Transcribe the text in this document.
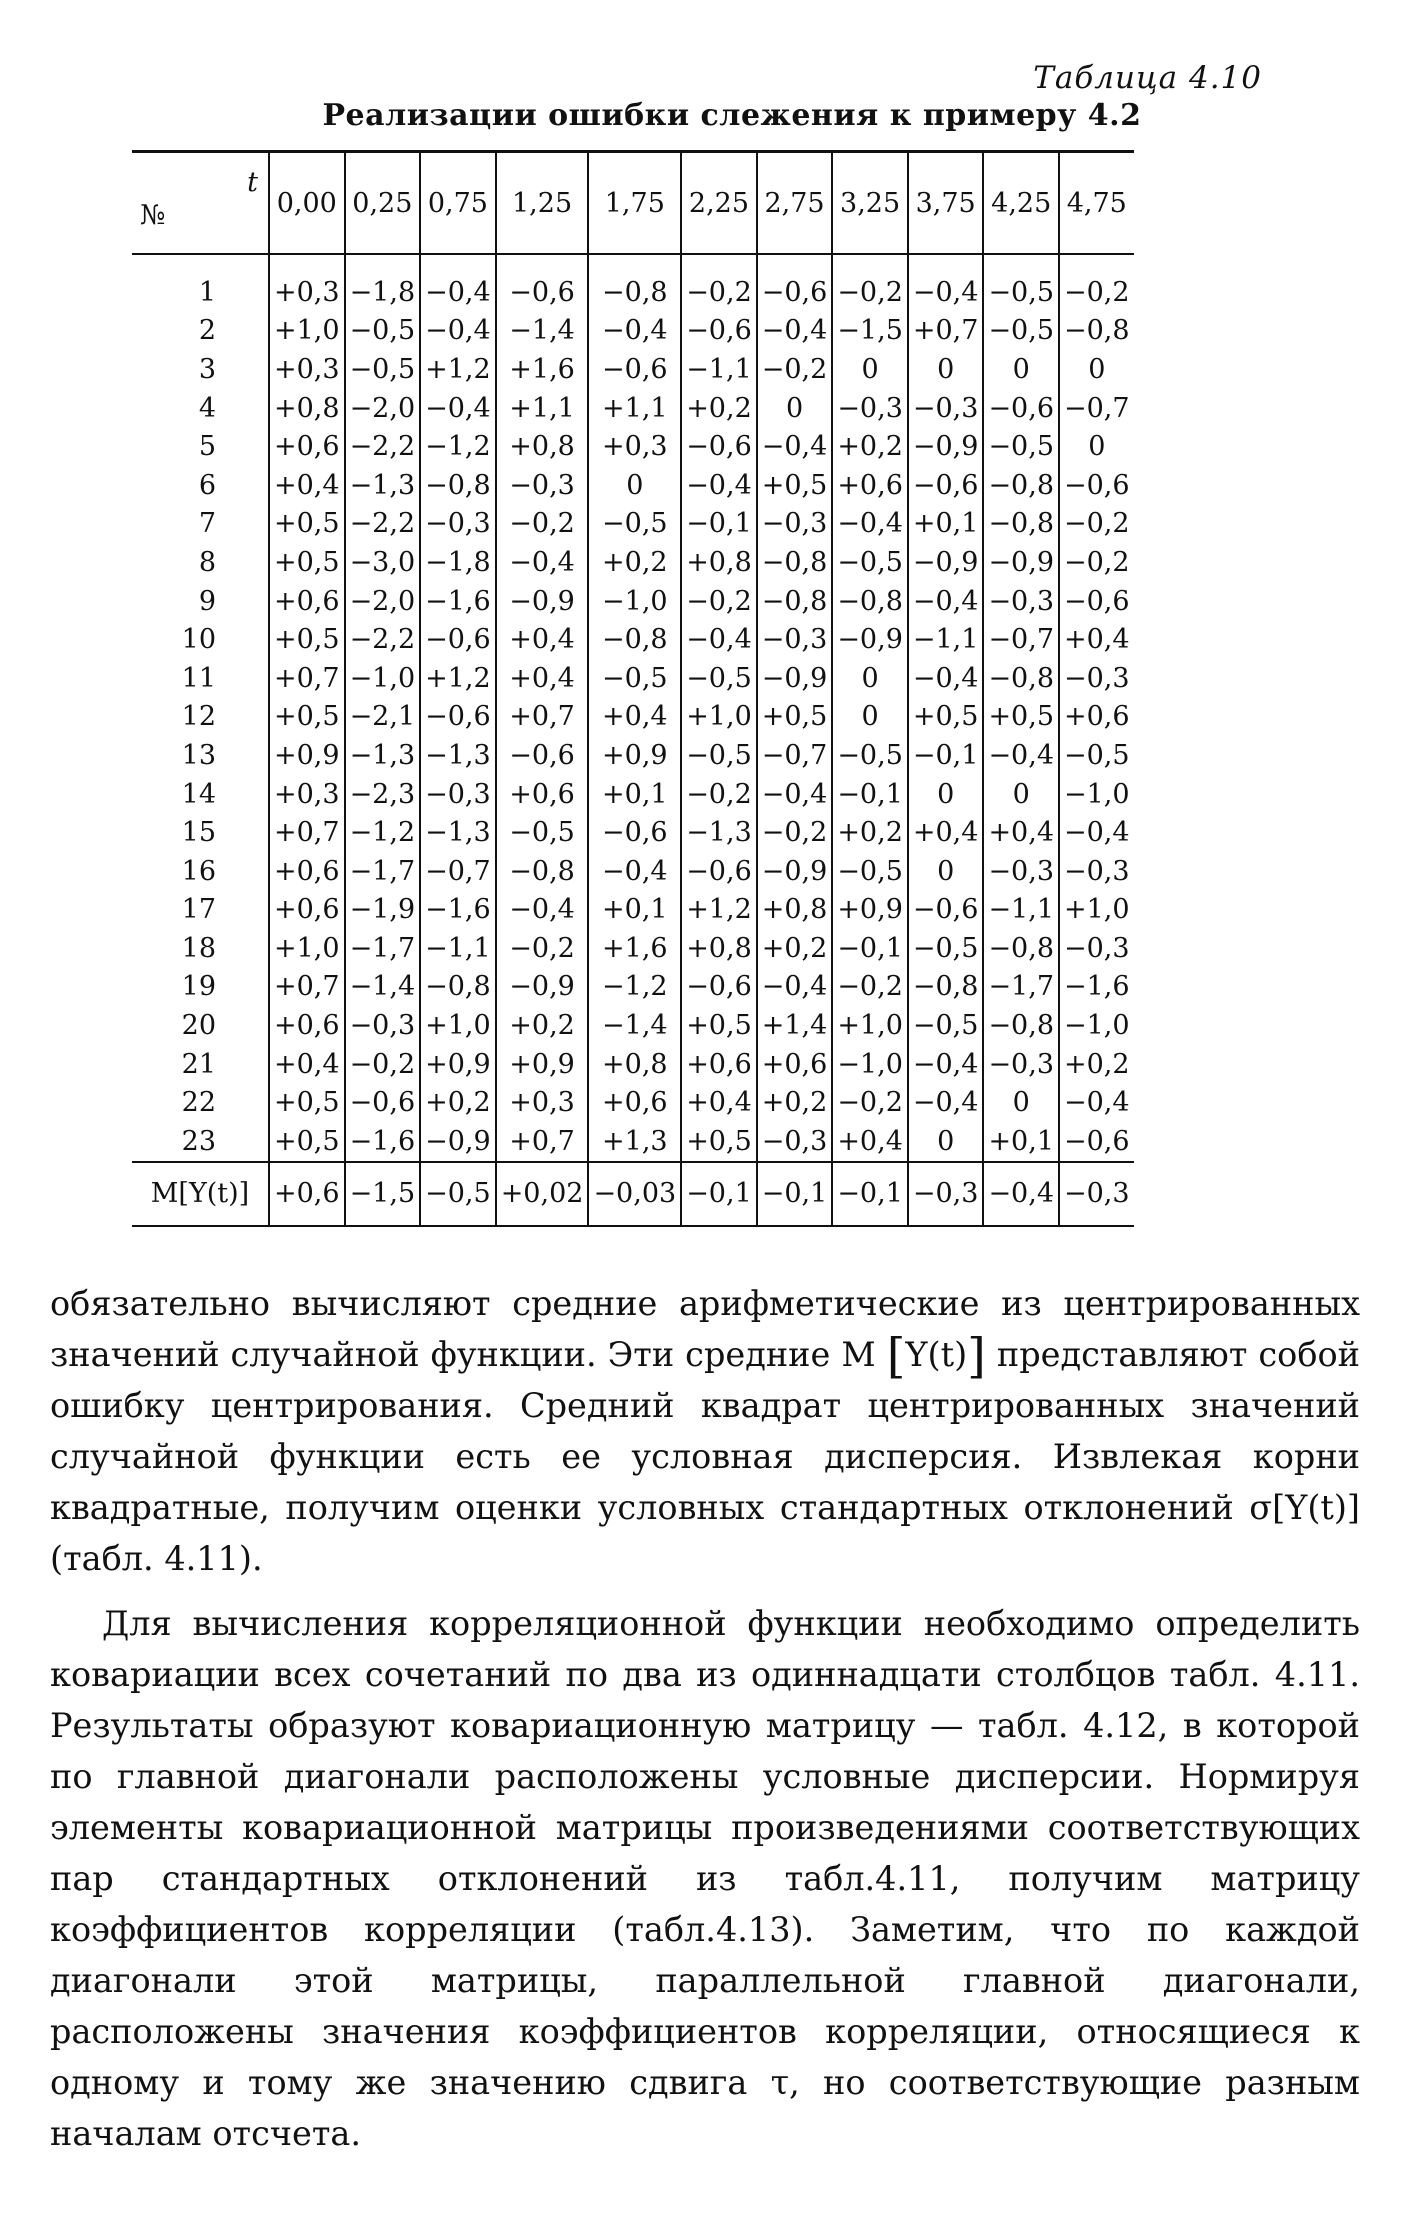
Таблица 4.10
Реализации ошибки слежения к примеру 4.2
t
№	0,00	0,25	0,75	1,25	1,75	2,25	2,75	3,25	3,75	4,25	4,75
1	+0,3	−1,8	−0,4	−0,6	−0,8	−0,2	−0,6	−0,2	−0,4	−0,5	−0,2
2	+1,0	−0,5	−0,4	−1,4	−0,4	−0,6	−0,4	−1,5	+0,7	−0,5	−0,8
3	+0,3	−0,5	+1,2	+1,6	−0,6	−1,1	−0,2	0	0	0	0
4	+0,8	−2,0	−0,4	+1,1	+1,1	+0,2	0	−0,3	−0,3	−0,6	−0,7
5	+0,6	−2,2	−1,2	+0,8	+0,3	−0,6	−0,4	+0,2	−0,9	−0,5	0
6	+0,4	−1,3	−0,8	−0,3	0	−0,4	+0,5	+0,6	−0,6	−0,8	−0,6
7	+0,5	−2,2	−0,3	−0,2	−0,5	−0,1	−0,3	−0,4	+0,1	−0,8	−0,2
8	+0,5	−3,0	−1,8	−0,4	+0,2	+0,8	−0,8	−0,5	−0,9	−0,9	−0,2
9	+0,6	−2,0	−1,6	−0,9	−1,0	−0,2	−0,8	−0,8	−0,4	−0,3	−0,6
10	+0,5	−2,2	−0,6	+0,4	−0,8	−0,4	−0,3	−0,9	−1,1	−0,7	+0,4
11	+0,7	−1,0	+1,2	+0,4	−0,5	−0,5	−0,9	0	−0,4	−0,8	−0,3
12	+0,5	−2,1	−0,6	+0,7	+0,4	+1,0	+0,5	0	+0,5	+0,5	+0,6
13	+0,9	−1,3	−1,3	−0,6	+0,9	−0,5	−0,7	−0,5	−0,1	−0,4	−0,5
14	+0,3	−2,3	−0,3	+0,6	+0,1	−0,2	−0,4	−0,1	0	0	−1,0
15	+0,7	−1,2	−1,3	−0,5	−0,6	−1,3	−0,2	+0,2	+0,4	+0,4	−0,4
16	+0,6	−1,7	−0,7	−0,8	−0,4	−0,6	−0,9	−0,5	0	−0,3	−0,3
17	+0,6	−1,9	−1,6	−0,4	+0,1	+1,2	+0,8	+0,9	−0,6	−1,1	+1,0
18	+1,0	−1,7	−1,1	−0,2	+1,6	+0,8	+0,2	−0,1	−0,5	−0,8	−0,3
19	+0,7	−1,4	−0,8	−0,9	−1,2	−0,6	−0,4	−0,2	−0,8	−1,7	−1,6
20	+0,6	−0,3	+1,0	+0,2	−1,4	+0,5	+1,4	+1,0	−0,5	−0,8	−1,0
21	+0,4	−0,2	+0,9	+0,9	+0,8	+0,6	+0,6	−1,0	−0,4	−0,3	+0,2
22	+0,5	−0,6	+0,2	+0,3	+0,6	+0,4	+0,2	−0,2	−0,4	0	−0,4
23	+0,5	−1,6	−0,9	+0,7	+1,3	+0,5	−0,3	+0,4	0	+0,1	−0,6
M[Y(t)]	+0,6	−1,5	−0,5	+0,02	−0,03	−0,1	−0,1	−0,1	−0,3	−0,4	−0,3

обязательно вычисляют средние арифметические из центрированных значений случайной функции. Эти средние M [Y(t)] представляют собой ошибку центрирования. Средний квадрат центрированных значений случайной функции есть ее условная дисперсия. Извлекая корни квадратные, получим оценки условных стандартных отклонений σ[Y(t)] (табл. 4.11).

Для вычисления корреляционной функции необходимо определить ковариации всех сочетаний по два из одиннадцати столбцов табл. 4.11. Результаты образуют ковариационную матрицу — табл. 4.12, в которой по главной диагонали расположены условные дисперсии. Нормируя элементы ковариационной матрицы произведениями соответствующих пар стандартных отклонений из табл.4.11, получим матрицу коэффициентов корреляции (табл.4.13). Заметим, что по каждой диагонали этой матрицы, параллельной главной диагонали, расположены значения коэффициентов корреляции, относящиеся к одному и тому же значению сдвига τ, но соответствующие разным началам отсчета.
